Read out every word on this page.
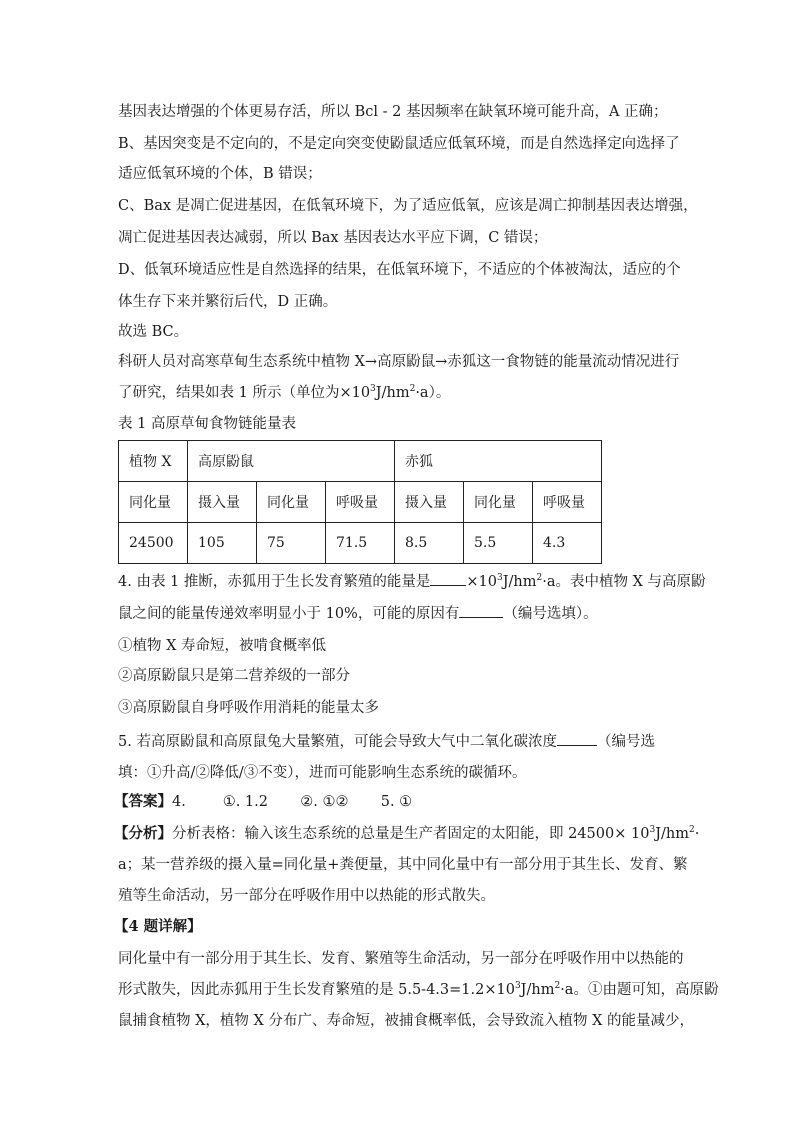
基因表达增强的个体更易存活，所以 Bcl - 2 基因频率在缺氧环境可能升高，A 正确；
B、基因突变是不定向的，不是定向突变使鼢鼠适应低氧环境，而是自然选择定向选择了
适应低氧环境的个体，B 错误；
C、Bax 是凋亡促进基因，在低氧环境下，为了适应低氧，应该是凋亡抑制基因表达增强，
凋亡促进基因表达减弱，所以 Bax 基因表达水平应下调，C 错误；
D、低氧环境适应性是自然选择的结果，在低氧环境下，不适应的个体被淘汰，适应的个
体生存下来并繁衍后代，D 正确。
故选 BC。
科研人员对高寒草甸生态系统中植物 X→高原鼢鼠→赤狐这一食物链的能量流动情况进行
了研究，结果如表 1 所示（单位为$\times 10^3J/hm^2\cdot a$）。
表 1 高原草甸食物链能量表
植物 X	高原鼢鼠			赤狐		
同化量	摄入量	同化量	呼吸量	摄入量	同化量	呼吸量
24500	105	75	71.5	8.5	5.5	4.3
4. 由表 1 推断，赤狐用于生长发育繁殖的能量是 $\times 10^3J/hm^2\cdot a$。表中植物 X 与高原鼢
鼠之间的能量传递效率明显小于 10%，可能的原因有	（编号选填）。
①植物 X 寿命短，被啃食概率低
②高原鼢鼠只是第二营养级的一部分
③高原鼢鼠自身呼吸作用消耗的能量太多
5. 若高原鼢鼠和高原鼠兔大量繁殖，可能会导致大气中二氧化碳浓度	（编号选
填：①升高/②降低/③不变），进而可能影响生态系统的碳循环。
【答案】4.        ①. 1.2       ②. ①②       5. ①
【分析】分析表格：输入该生态系统的总量是生产者固定的太阳能，即 $24500\times 10^3J/hm^2\cdot$
a；某一营养级的摄入量=同化量+粪便量，其中同化量中有一部分用于其生长、发育、繁
殖等生命活动，另一部分在呼吸作用中以热能的形式散失。
【4 题详解】
同化量中有一部分用于其生长、发育、繁殖等生命活动，另一部分在呼吸作用中以热能的
形式散失，因此赤狐用于生长发育繁殖的是 $5.5-4.3=1.2\times 10^3J/hm^2\cdot a$。①由题可知，高原鼢
鼠捕食植物 X，植物 X 分布广、寿命短，被捕食概率低，会导致流入植物 X 的能量减少，
